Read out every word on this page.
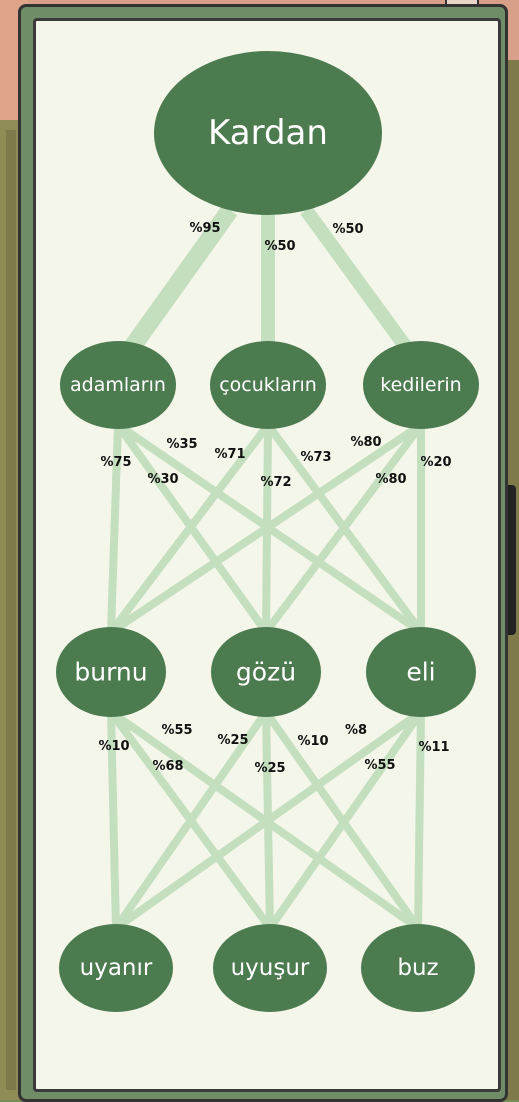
Kardan
adamların	çocukların	kedilerin
burnu	gözü	eli
uyanır	uyuşur	buz
%95
%50
%50
%75
%30
%35
%71
%72
%73
%80
%80
%20
%10
%68
%55
%25
%25
%10
%8
%55
%11
